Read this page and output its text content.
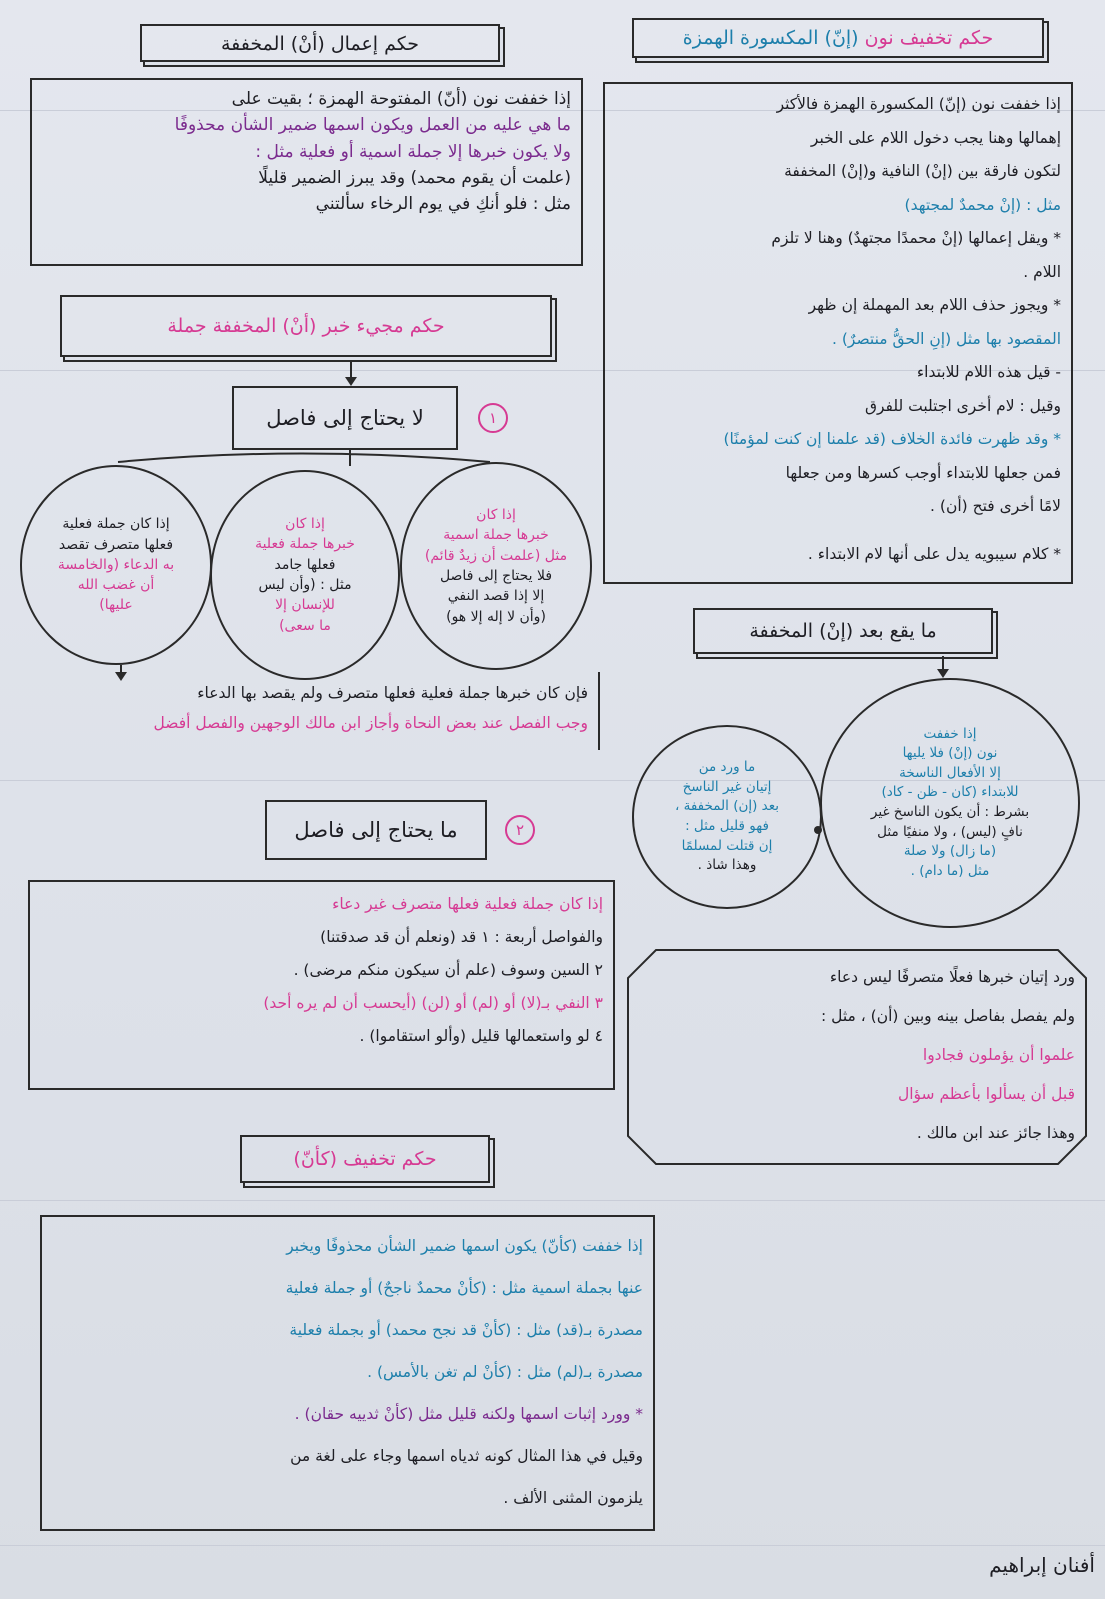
حكم تخفيف نون (إنّ) المكسورة الهمزة
حكم إعمال (أنْ) المخففة
إذا خففت نون (أنّ) المفتوحة الهمزة ؛ بقيت على
ما هي عليه من العمل ويكون اسمها ضمير الشأن محذوفًا
ولا يكون خبرها إلا جملة اسمية أو فعلية مثل :
(علمت أن يقوم محمد) وقد يبرز الضمير قليلًا
مثل : فلو أنكِ في يوم الرخاء سألتني
إذا خففت نون (إنّ) المكسورة الهمزة فالأكثر
إهمالها وهنا يجب دخول اللام على الخبر
لتكون فارقة بين (إنْ) النافية و(إنْ) المخففة
مثل : (إنْ محمدٌ لمجتهد)
* ويقل إعمالها (إنْ محمدًا مجتهدٌ) وهنا لا تلزم
اللام .
* ويجوز حذف اللام بعد المهملة إن ظهر
المقصود بها مثل (إنِ الحقُّ منتصرٌ) .
- قيل هذه اللام للابتداء
وقيل : لام أخرى اجتلبت للفرق
* وقد ظهرت فائدة الخلاف (قد علمنا إن كنت لمؤمنًا)
فمن جعلها للابتداء أوجب كسرها ومن جعلها
لامًا أخرى فتح (أن) .
* كلام سيبويه يدل على أنها لام الابتداء .
حكم مجيء خبر (أنْ) المخففة جملة
لا يحتاج إلى فاصل	١
إذا كان
خبرها جملة اسمية
مثل (علمت أن زيدٌ قائم)
فلا يحتاج إلى فاصل
إلا إذا قصد النفي
(وأن لا إله إلا هو)
إذا كان
خبرها جملة فعلية
فعلها جامد
مثل : (وأن ليس
للإنسان إلا
ما سعى)
إذا كان جملة فعلية
فعلها متصرف تقصد
به الدعاء (والخامسة
أن غضب الله
عليها)
فإن كان خبرها جملة فعلية فعلها متصرف ولم يقصد بها الدعاء
وجب الفصل عند بعض النحاة وأجاز ابن مالك الوجهين والفصل أفضل
ما يحتاج إلى فاصل	٢
إذا كان جملة فعلية فعلها متصرف غير دعاء
والفواصل أربعة : ١ قد (ونعلم أن قد صدقتنا)
٢ السين وسوف (علم أن سيكون منكم مرضى) .
٣ النفي بـ(لا) أو (لم) أو (لن) (أيحسب أن لم يره أحد)
٤ لو واستعمالها قليل (وألو استقاموا) .
حكم تخفيف (كأنّ)
إذا خففت (كأنّ) يكون اسمها ضمير الشأن محذوفًا ويخبر
عنها بجملة اسمية مثل : (كأنْ محمدٌ ناجحٌ) أو جملة فعلية
مصدرة بـ(قد) مثل : (كأنْ قد نجح محمد) أو بجملة فعلية
مصدرة بـ(لم) مثل : (كأنْ لم تغن بالأمس) .
* وورد إثبات اسمها ولكنه قليل مثل (كأنْ ثدييه حقان) .
وقيل في هذا المثال كونه ثدياه اسمها وجاء على لغة من
يلزمون المثنى الألف .
ما يقع بعد (إنْ) المخففة
إذا خففت
نون (إنْ) فلا يليها
إلا الأفعال الناسخة
للابتداء (كان - ظن - كاد)
بشرط : أن يكون الناسخ غير
نافٍ (ليس) ، ولا منفيًا مثل
(ما زال) ولا صلة
مثل (ما دام) .
ما ورد من
إتيان غير الناسخ
بعد (إن) المخففة ،
فهو قليل مثل :
إن قتلت لمسلمًا
وهذا شاذ .
ورد إتيان خبرها فعلًا متصرفًا ليس دعاء
ولم يفصل بفاصل بينه وبين (أن) ، مثل :
علموا أن يؤملون فجادوا
قبل أن يسألوا بأعظم سؤال
وهذا جائز عند ابن مالك .
أفنان إبراهيم
